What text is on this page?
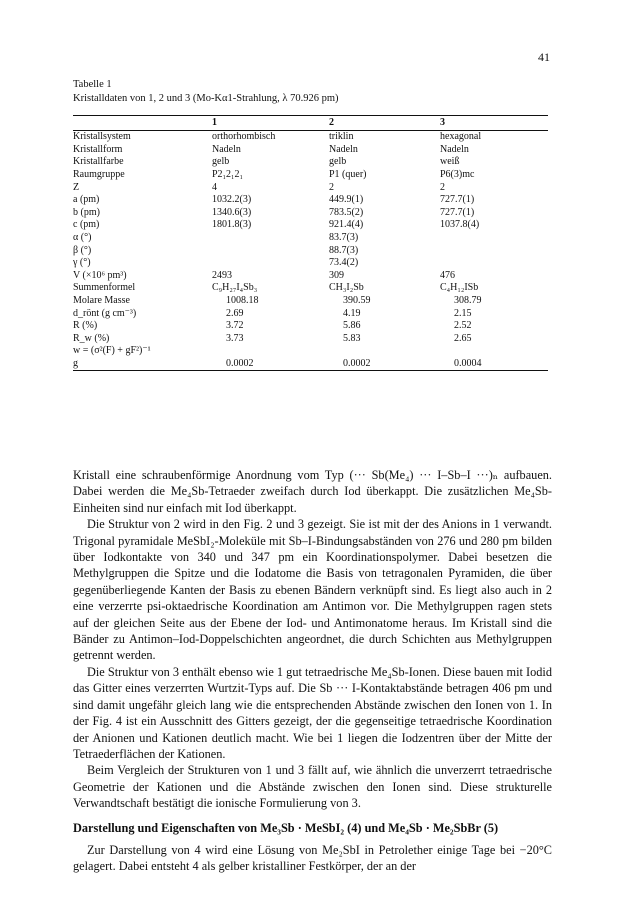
41
Tabelle 1
Kristalldaten von 1, 2 und 3 (Mo-Kα1-Strahlung, λ 70.926 pm)
	1	2	3
Kristallsystem	orthorhombisch	triklin	hexagonal
Kristallform	Nadeln	Nadeln	Nadeln
Kristallfarbe	gelb	gelb	weiß
Raumgruppe	P2₁2₁2₁	P1 (quer)	P6(3)mc
Z	4	2	2
a (pm)	1032.2(3)	449.9(1)	727.7(1)
b (pm)	1340.6(3)	783.5(2)	727.7(1)
c (pm)	1801.8(3)	921.4(4)	1037.8(4)
α (°)		83.7(3)	
β (°)		88.7(3)	
γ (°)		73.4(2)	
V (×10⁶ pm³)	2493	309	476
Summenformel	C₉H₂₇I₄Sb₃	CH₃I₂Sb	C₄H₁₂ISb
Molare Masse	1008.18	390.59	308.79
d_rönt (g cm⁻³)	2.69	4.19	2.15
R (%)	3.72	5.86	2.52
R_w (%)	3.73	5.83	2.65
w = (σ²(F) + gF²)⁻¹			
g	0.0002	0.0002	0.0004

Kristall eine schraubenförmige Anordnung vom Typ (··· Sb(Me₄) ··· I–Sb–I ···)ₙ aufbauen. Dabei werden die Me₄Sb-Tetraeder zweifach durch Iod überkappt. Die zusätzlichen Me₄Sb-Einheiten sind nur einfach mit Iod überkappt.

Die Struktur von 2 wird in den Fig. 2 und 3 gezeigt. Sie ist mit der des Anions in 1 verwandt. Trigonal pyramidale MeSbI₂-Moleküle mit Sb–I-Bindungsabständen von 276 und 280 pm bilden über Iodkontakte von 340 und 347 pm ein Koordinationspolymer. Dabei besetzen die Methylgruppen die Spitze und die Iodatome die Basis von tetragonalen Pyramiden, die über gegenüberliegende Kanten der Basis zu ebenen Bändern verknüpft sind. Es liegt also auch in 2 eine verzerrte psi-oktaedrische Koordination am Antimon vor. Die Methylgruppen ragen stets auf der gleichen Seite aus der Ebene der Iod- und Antimonatome heraus. Im Kristall sind die Bänder zu Antimon–Iod-Doppelschichten angeordnet, die durch Schichten aus Methylgruppen getrennt werden.

Die Struktur von 3 enthält ebenso wie 1 gut tetraedrische Me₄Sb-Ionen. Diese bauen mit Iodid das Gitter eines verzerrten Wurtzit-Typs auf. Die Sb ··· I-Kontaktabstände betragen 406 pm und sind damit ungefähr gleich lang wie die entsprechenden Abstände zwischen den Ionen von 1. In der Fig. 4 ist ein Ausschnitt des Gitters gezeigt, der die gegenseitige tetraedrische Koordination der Anionen und Kationen deutlich macht. Wie bei 1 liegen die Iodzentren über der Mitte der Tetraederflächen der Kationen.

Beim Vergleich der Strukturen von 1 und 3 fällt auf, wie ähnlich die unverzerrt tetraedrische Geometrie der Kationen und die Abstände zwischen den Ionen sind. Diese strukturelle Verwandtschaft bestätigt die ionische Formulierung von 3.

Darstellung und Eigenschaften von Me₃Sb · MeSbI₂ (4) und Me₄Sb · Me₂SbBr (5)

Zur Darstellung von 4 wird eine Lösung von Me₂SbI in Petrolether einige Tage bei −20°C gelagert. Dabei entsteht 4 als gelber kristalliner Festkörper, der an der
